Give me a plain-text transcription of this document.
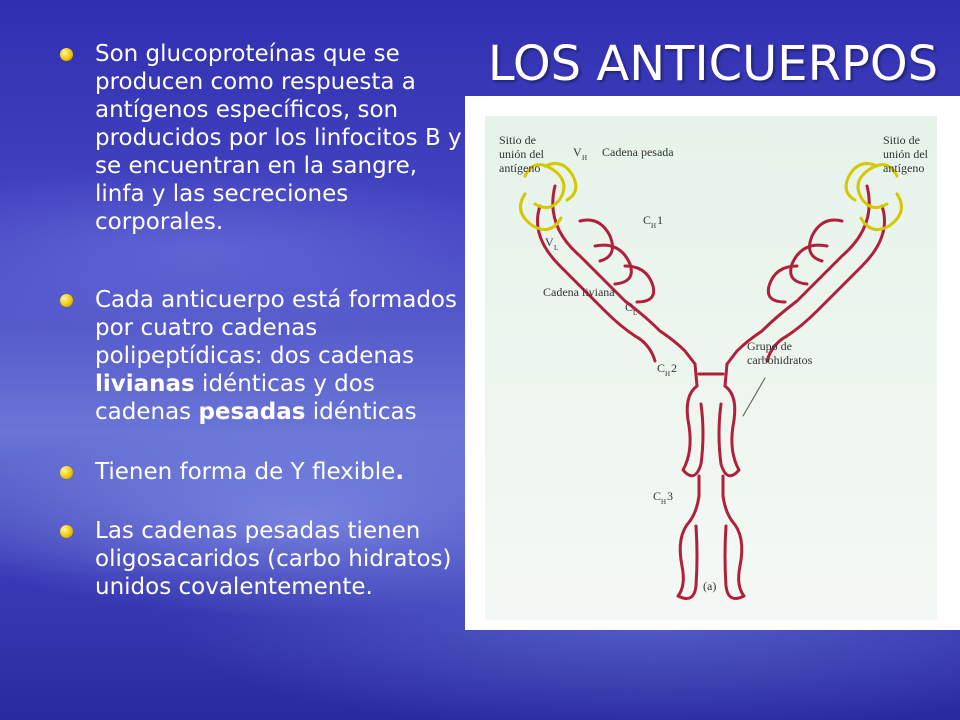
LOS ANTICUERPOS
Son glucoproteínas que se producen como respuesta a antígenos específicos, son producidos por los linfocitos B y se encuentran en la sangre, linfa y las secreciones corporales.
Cada anticuerpo está formados por cuatro cadenas polipeptídicas: dos cadenas livianas idénticas y dos cadenas pesadas idénticas
Tienen forma de Y flexible.
Las cadenas pesadas tienen oligosacaridos (carbo hidratos) unidos covalentemente.
Sitio de
unión del
antígeno
Sitio de
unión del
antígeno
V H Cadena pesada
C H 1
V L
Cadena liviana
C L
Grupo de
carbohidratos
C H 2
C H 3
(a)
